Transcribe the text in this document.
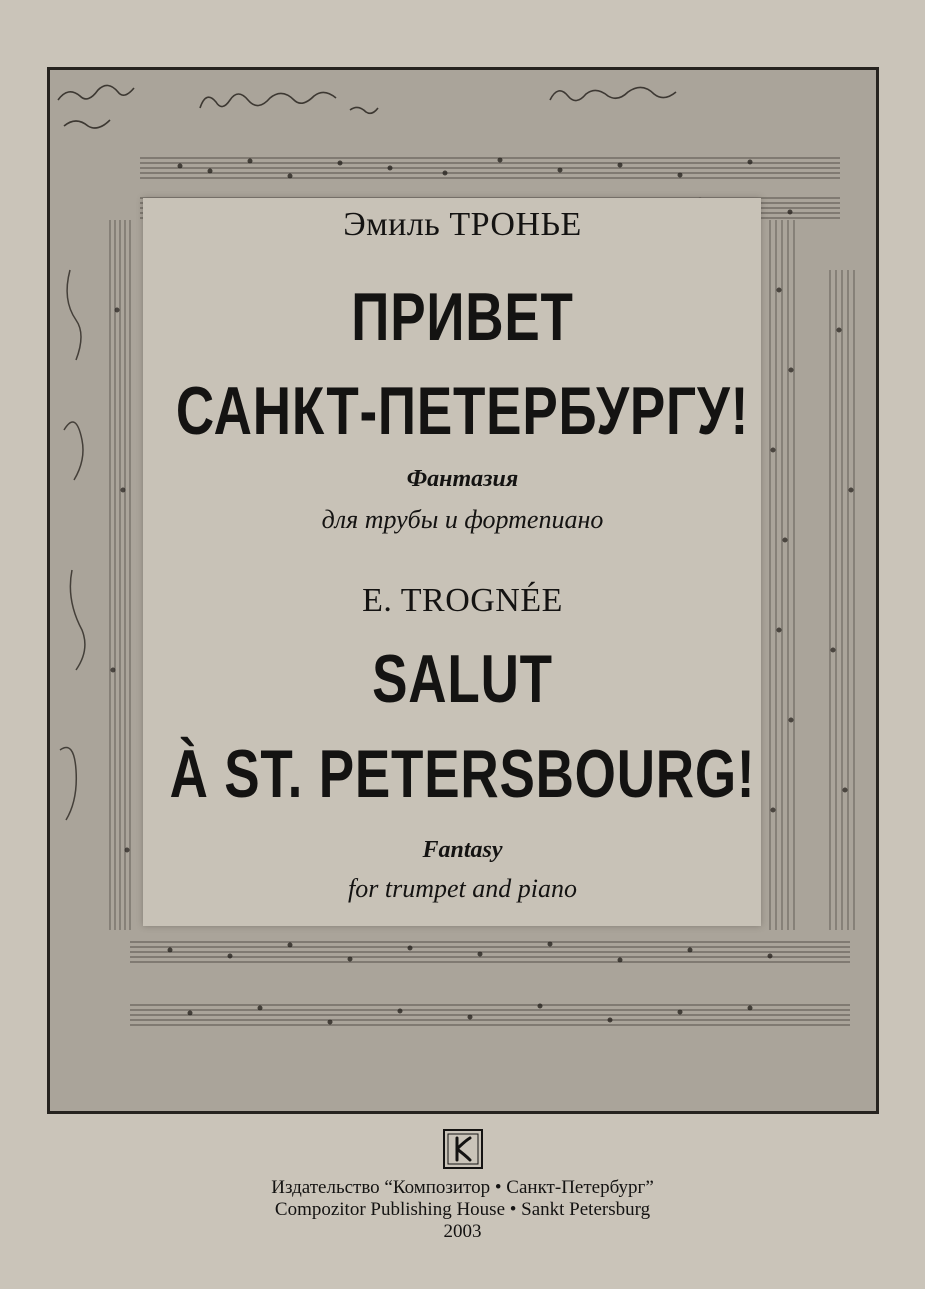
Эмиль ТРОНЬЕ
ПРИВЕТ
САНКТ-ПЕТЕРБУРГУ!
Фантазия
для трубы и фортепиано
E. TROGNÉE
SALUT
À ST. PETERSBOURG!
Fantasy
for trumpet and piano
Издательство “Композитор • Санкт-Петербург”
Compozitor Publishing House • Sankt Petersburg
2003
